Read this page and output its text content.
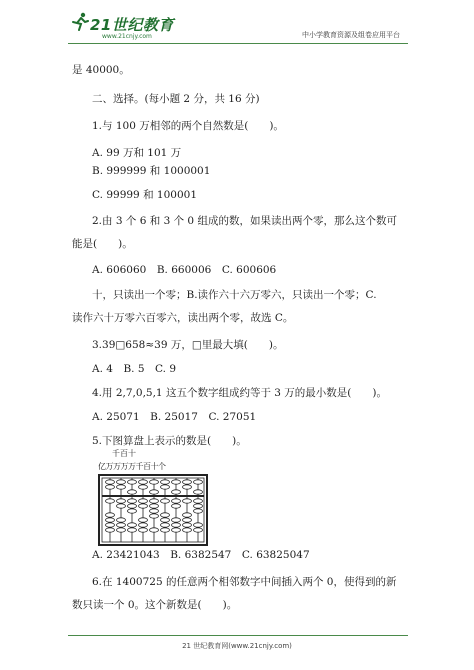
21世纪教育
www.21cnjy.com	中小学教育资源及组卷应用平台
是 40000。
二、选择。(每小题 2 分，共 16 分)
1.与 100 万相邻的两个自然数是(　　)。
A. 99 万和 101 万
B. 999999 和 1000001
C. 99999 和 100001
2.由 3 个 6 和 3 个 0 组成的数，如果读出两个零，那么这个数可
能是(　　)。
A. 606060　B. 660006　C. 600606
十，只读出一个零；B.读作六十六万零六，只读出一个零；C.
读作六十万零六百零六，读出两个零，故选 C。
3.39□658≈39 万，□里最大填(　　)。
A. 4　B. 5　C. 9
4.用 2,7,0,5,1 这五个数字组成约等于 3 万的最小数是(　　)。
A. 25071　B. 25017　C. 27051
5.下图算盘上表示的数是(　　)。
千百十
亿万万万万千百十个
A. 23421043　B. 6382547　C. 63825047
6.在 1400725 的任意两个相邻数字中间插入两个 0，使得到的新
数只读一个 0。这个新数是(　　)。
21 世纪教育网(www.21cnjy.com)
